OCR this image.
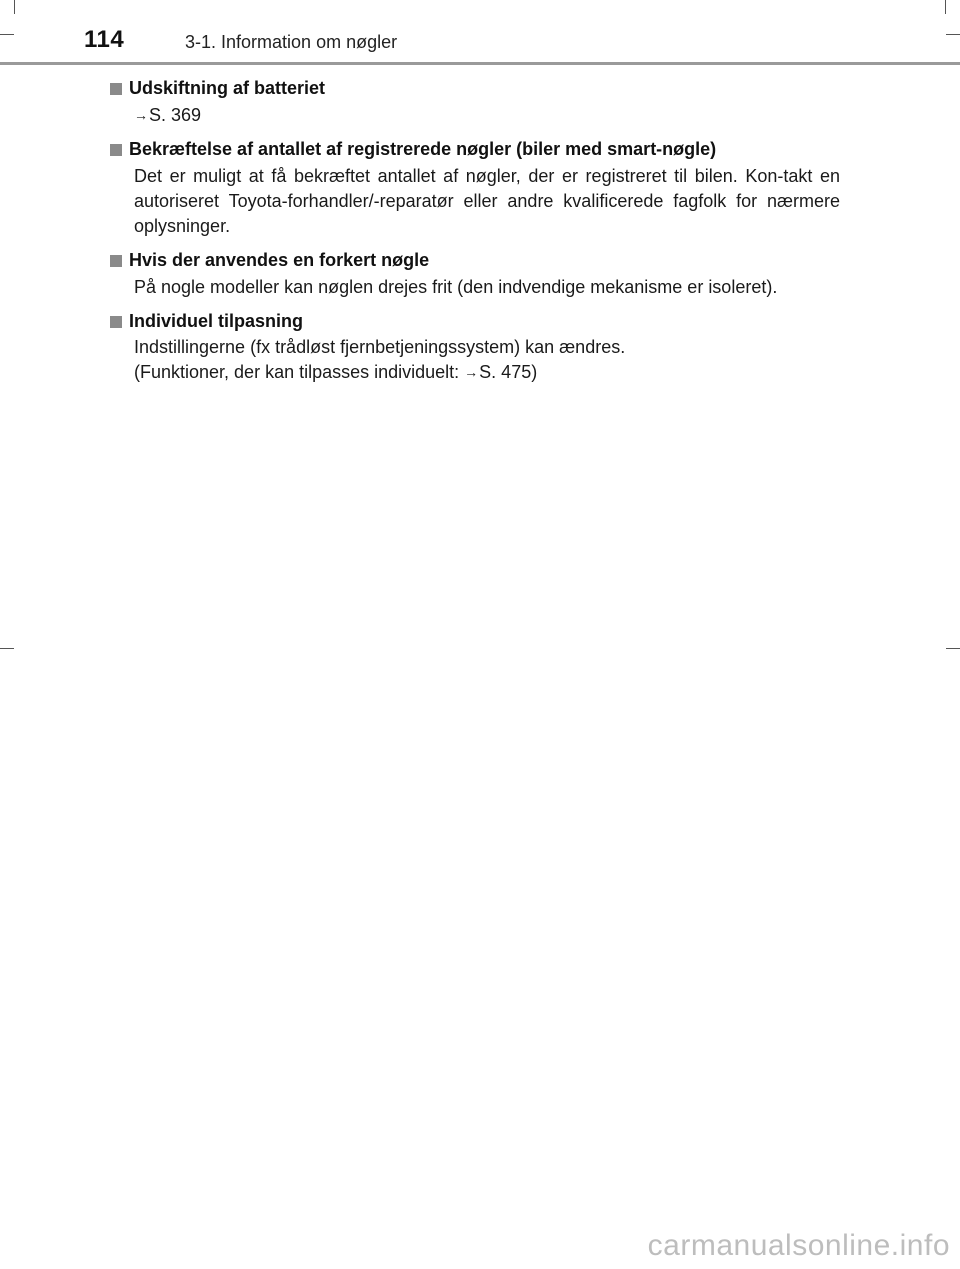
114	3-1. Information om nøgler
Udskiftning af batteriet

→S. 369

Bekræftelse af antallet af registrerede nøgler (biler med smart-nøgle)

Det er muligt at få bekræftet antallet af nøgler, der er registreret til bilen. Kon-takt en autoriseret Toyota-forhandler/-reparatør eller andre kvalificerede fagfolk for nærmere oplysninger.

Hvis der anvendes en forkert nøgle

På nogle modeller kan nøglen drejes frit (den indvendige mekanisme er isoleret).

Individuel tilpasning

Indstillingerne (fx trådløst fjernbetjeningssystem) kan ændres.

(Funktioner, der kan tilpasses individuelt: →S. 475)

carmanualsonline.info
